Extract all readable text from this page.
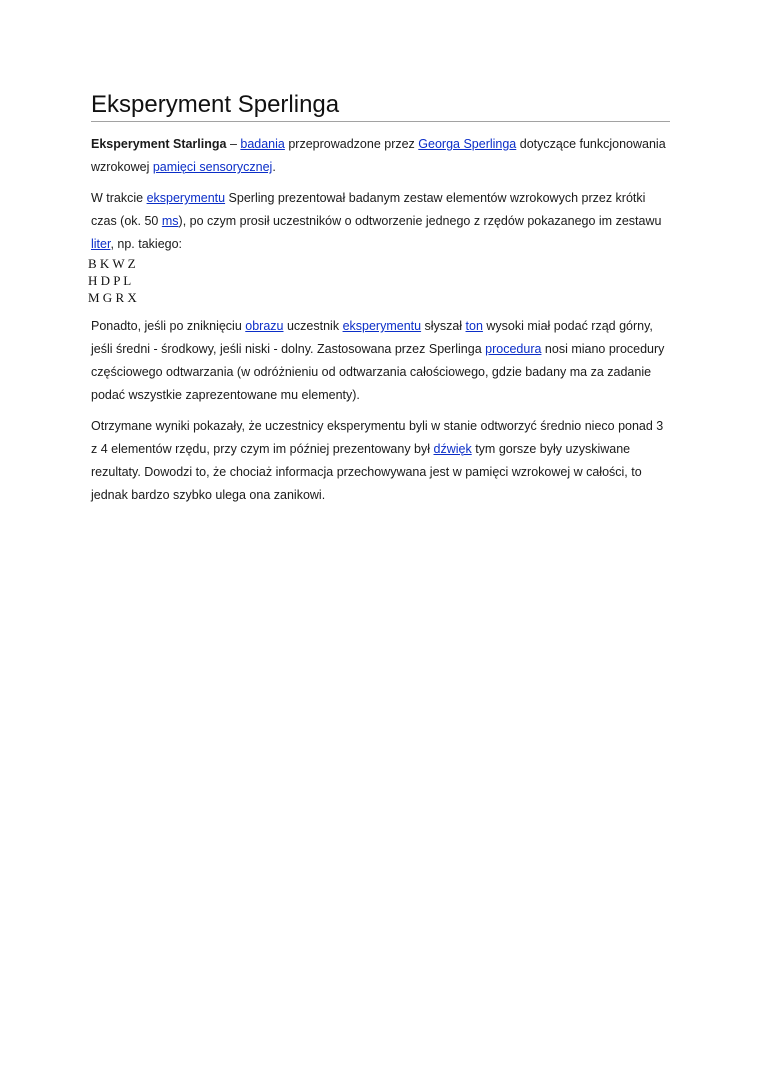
Eksperyment Sperlinga

Eksperyment Starlinga – badania przeprowadzone przez Georga Sperlinga dotyczące funkcjonowania wzrokowej pamięci sensorycznej.

W trakcie eksperymentu Sperling prezentował badanym zestaw elementów wzrokowych przez krótki czas (ok. 50 ms), po czym prosił uczestników o odtworzenie jednego z rzędów pokazanego im zestawu liter, np. takiego:

B K W Z
H D P L
M G R X

Ponadto, jeśli po zniknięciu obrazu uczestnik eksperymentu słyszał ton wysoki miał podać rząd górny, jeśli średni - środkowy, jeśli niski - dolny. Zastosowana przez Sperlinga procedura nosi miano procedury częściowego odtwarzania (w odróżnieniu od odtwarzania całościowego, gdzie badany ma za zadanie podać wszystkie zaprezentowane mu elementy).

Otrzymane wyniki pokazały, że uczestnicy eksperymentu byli w stanie odtworzyć średnio nieco ponad 3 z 4 elementów rzędu, przy czym im później prezentowany był dźwięk tym gorsze były uzyskiwane rezultaty. Dowodzi to, że chociaż informacja przechowywana jest w pamięci wzrokowej w całości, to jednak bardzo szybko ulega ona zanikowi.
